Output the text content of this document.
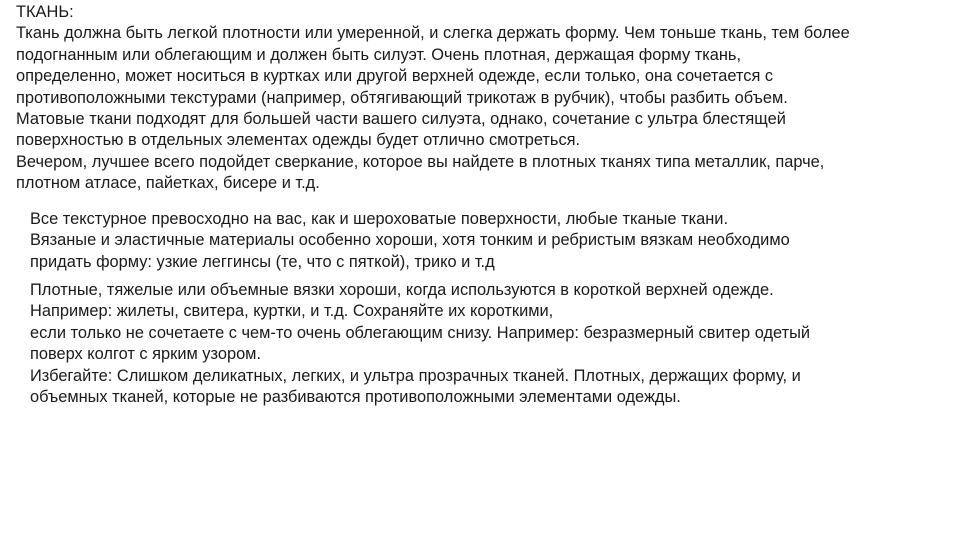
ТКАНЬ:
Ткань должна быть легкой плотности или умеренной, и слегка держать форму. Чем тоньше ткань, тем более
подогнанным или облегающим и должен быть силуэт. Очень плотная, держащая форму ткань,
определенно, может носиться в куртках или другой верхней одежде, если только, она сочетается с
противоположными текстурами (например, обтягивающий трикотаж в рубчик), чтобы разбить объем.
Матовые ткани подходят для большей части вашего силуэта, однако, сочетание с ультра блестящей
поверхностью в отдельных элементах одежды будет отлично смотреться.
Вечером, лучшее всего подойдет сверкание, которое вы найдете в плотных тканях типа металлик, парче,
плотном атласе, пайетках, бисере и т.д.
Все текстурное превосходно на вас, как и шероховатые поверхности, любые тканые ткани.
Вязаные и эластичные материалы особенно хороши, хотя тонким и ребристым вязкам необходимо
придать форму: узкие леггинсы (те, что с пяткой), трико и т.д
Плотные, тяжелые или объемные вязки хороши, когда используются в короткой верхней одежде.
Например: жилеты, свитера, куртки, и т.д. Сохраняйте их короткими,
если только не сочетаете с чем-то очень облегающим снизу. Например: безразмерный свитер одетый
поверх колгот с ярким узором.
Избегайте: Слишком деликатных, легких, и ультра прозрачных тканей. Плотных, держащих форму, и
объемных тканей, которые не разбиваются противоположными элементами одежды.
